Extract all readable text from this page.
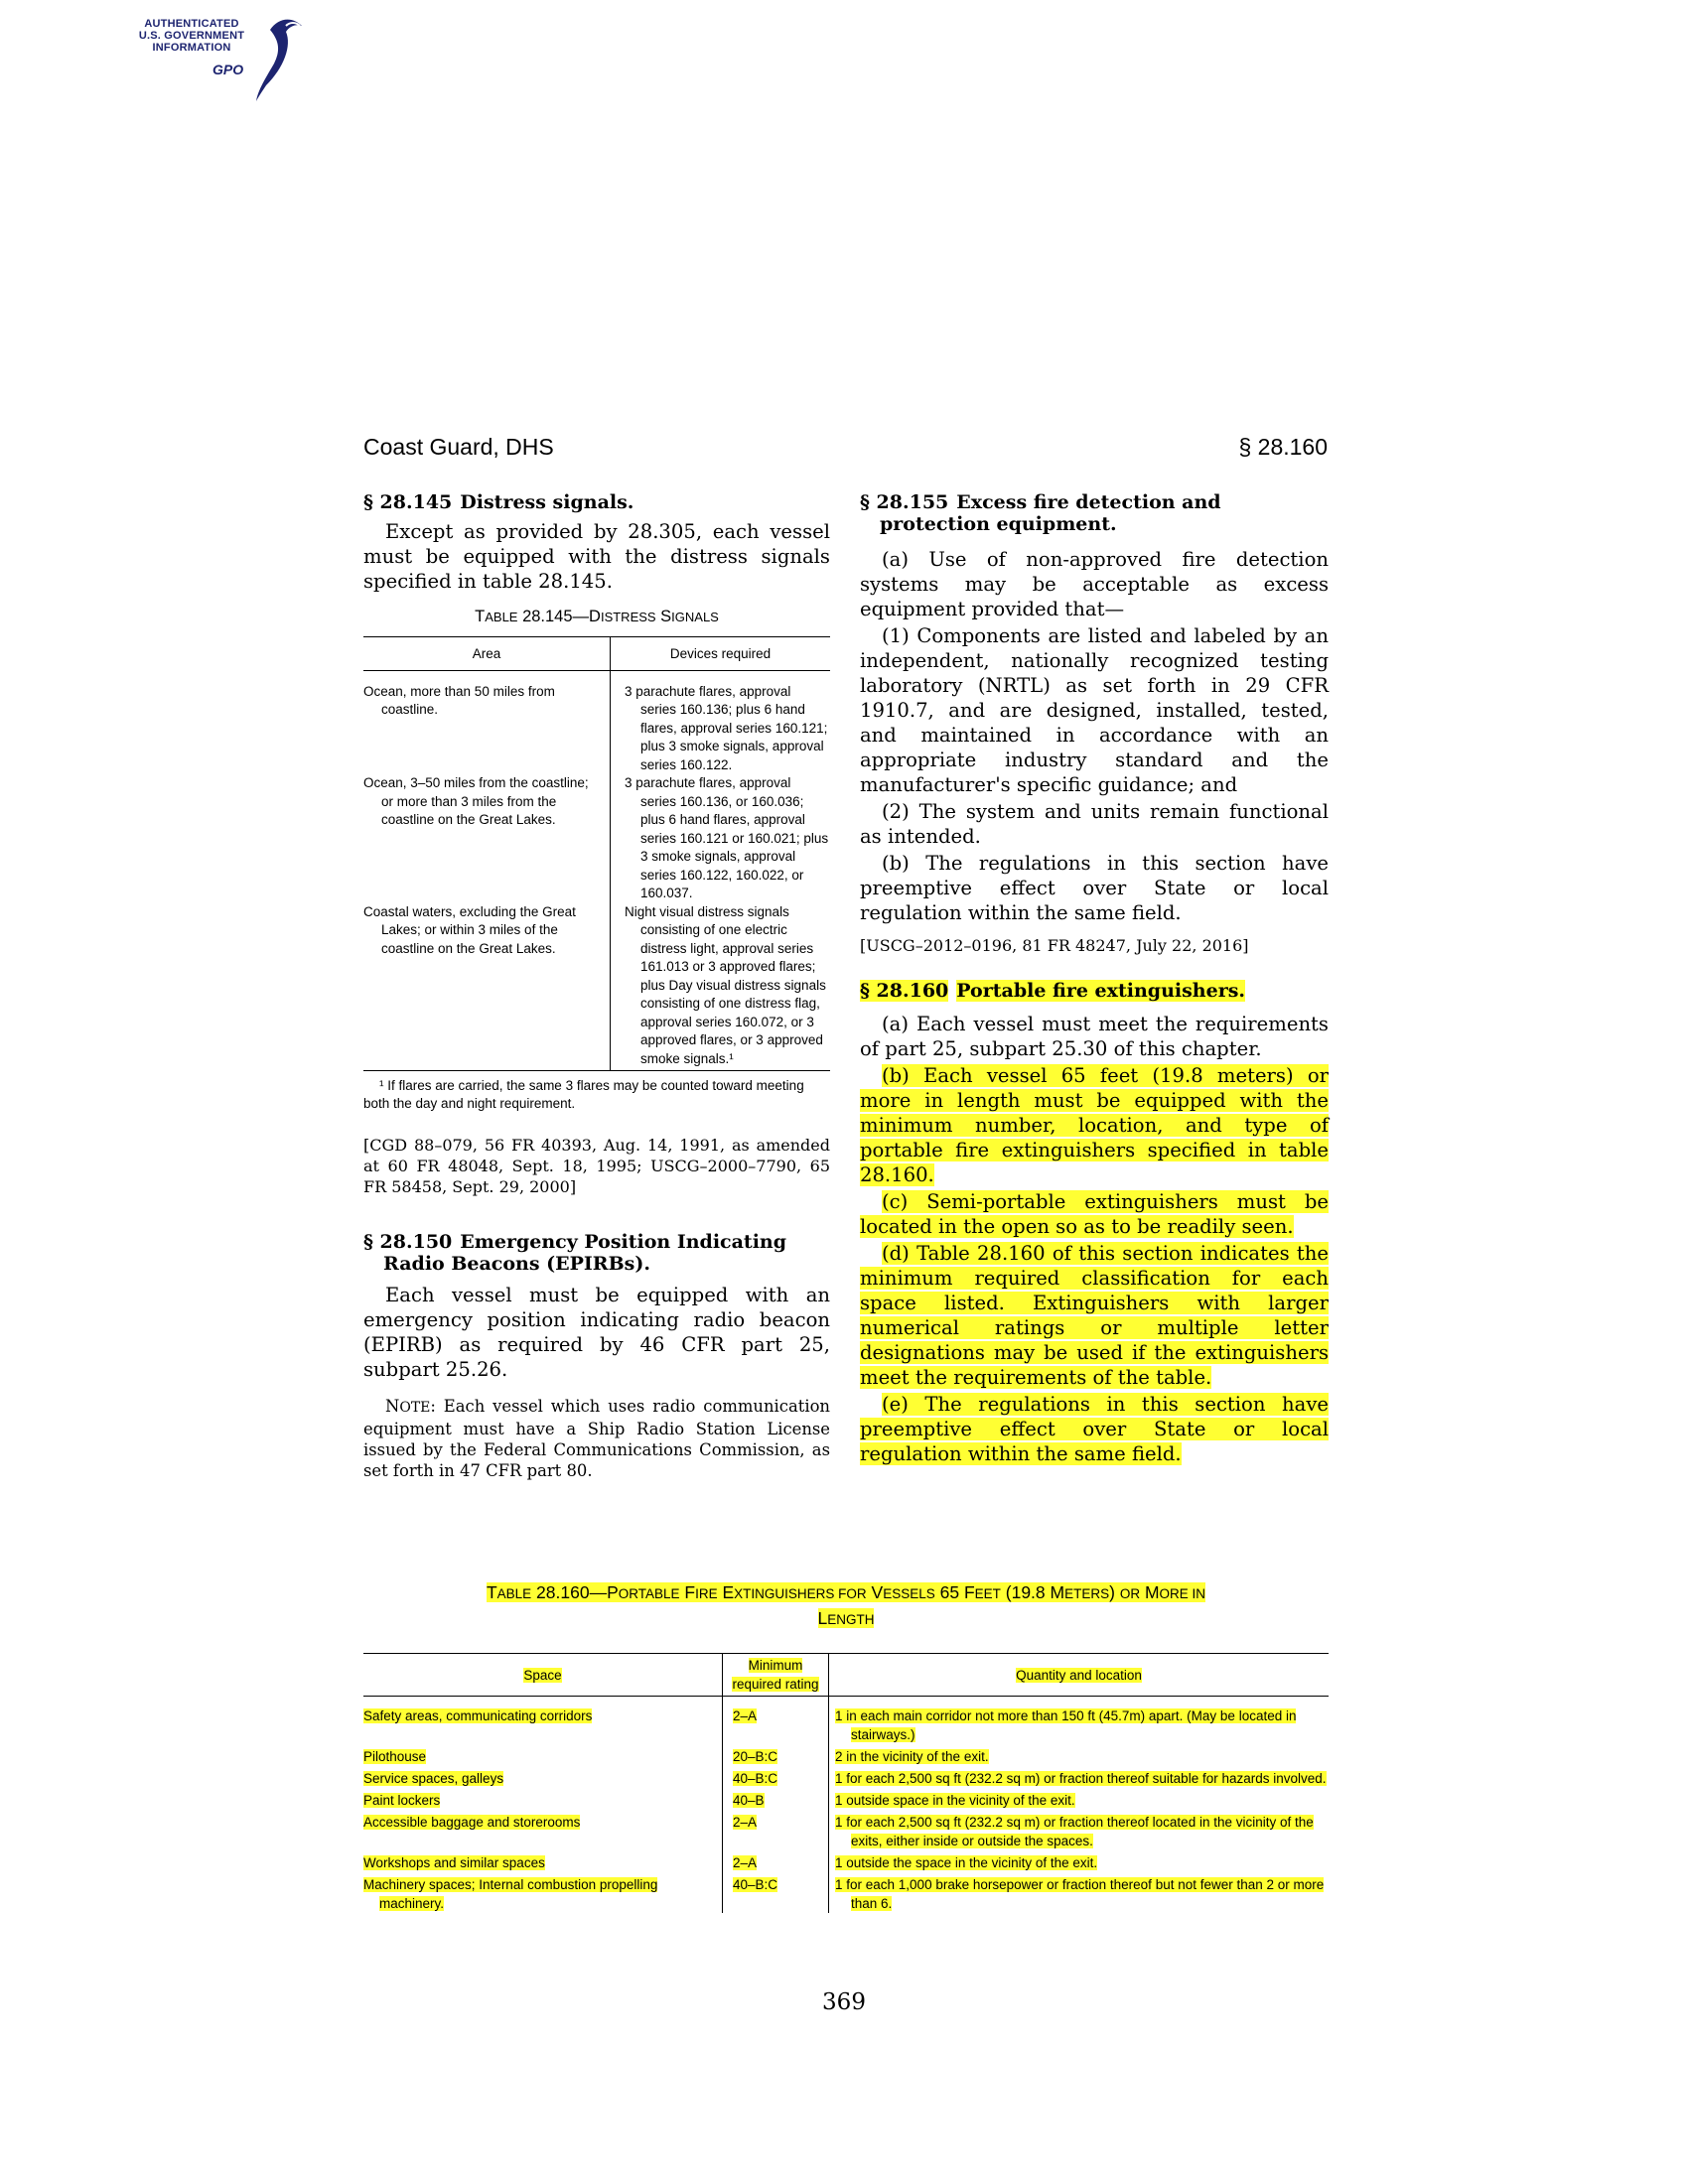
AUTHENTICATED
U.S. GOVERNMENT
INFORMATION
GPO
Coast Guard, DHS	§ 28.160
§ 28.145 Distress signals.

Except as provided by 28.305, each vessel must be equipped with the distress signals specified in table 28.145.

TABLE 28.145—DISTRESS SIGNALS
Area	Devices required
Ocean, more than 50 miles from coastline.	3 parachute flares, approval series 160.136; plus 6 hand flares, approval series 160.121; plus 3 smoke signals, approval series 160.122.
Ocean, 3–50 miles from the coastline; or more than 3 miles from the coastline on the Great Lakes.	3 parachute flares, approval series 160.136, or 160.036; plus 6 hand flares, approval series 160.121 or 160.021; plus 3 smoke signals, approval series 160.122, 160.022, or 160.037.
Coastal waters, excluding the Great Lakes; or within 3 miles of the coastline on the Great Lakes.	Night visual distress signals consisting of one electric distress light, approval series 161.013 or 3 approved flares; plus Day visual distress signals consisting of one distress flag, approval series 160.072, or 3 approved flares, or 3 approved smoke signals.¹

¹ If flares are carried, the same 3 flares may be counted toward meeting both the day and night requirement.

[CGD 88–079, 56 FR 40393, Aug. 14, 1991, as amended at 60 FR 48048, Sept. 18, 1995; USCG–2000–7790, 65 FR 58458, Sept. 29, 2000]

§ 28.150 Emergency Position Indicating Radio Beacons (EPIRBs).

Each vessel must be equipped with an emergency position indicating radio beacon (EPIRB) as required by 46 CFR part 25, subpart 25.26.

NOTE: Each vessel which uses radio communication equipment must have a Ship Radio Station License issued by the Federal Communications Commission, as set forth in 47 CFR part 80.

§ 28.155 Excess fire detection and protection equipment.

(a) Use of non-approved fire detection systems may be acceptable as excess equipment provided that—

(1) Components are listed and labeled by an independent, nationally recognized testing laboratory (NRTL) as set forth in 29 CFR 1910.7, and are designed, installed, tested, and maintained in accordance with an appropriate industry standard and the manufacturer's specific guidance; and

(2) The system and units remain functional as intended.

(b) The regulations in this section have preemptive effect over State or local regulation within the same field.

[USCG–2012–0196, 81 FR 48247, July 22, 2016]

§ 28.160 Portable fire extinguishers.

(a) Each vessel must meet the requirements of part 25, subpart 25.30 of this chapter.

(b) Each vessel 65 feet (19.8 meters) or more in length must be equipped with the minimum number, location, and type of portable fire extinguishers specified in table 28.160.

(c) Semi-portable extinguishers must be located in the open so as to be readily seen.

(d) Table 28.160 of this section indicates the minimum required classification for each space listed. Extinguishers with larger numerical ratings or multiple letter designations may be used if the extinguishers meet the requirements of the table.

(e) The regulations in this section have preemptive effect over State or local regulation within the same field.

TABLE 28.160—PORTABLE FIRE EXTINGUISHERS FOR VESSELS 65 FEET (19.8 METERS) OR MORE IN
LENGTH
Space	Minimum required rating	Quantity and location
Safety areas, communicating corridors	2–A	1 in each main corridor not more than 150 ft (45.7m) apart. (May be located in stairways.)

Pilothouse	20–B:C	2 in the vicinity of the exit.

Service spaces, galleys	40–B:C	1 for each 2,500 sq ft (232.2 sq m) or fraction thereof suitable for hazards involved.

Paint lockers	40–B	1 outside space in the vicinity of the exit.

Accessible baggage and storerooms	2–A	1 for each 2,500 sq ft (232.2 sq m) or fraction thereof located in the vicinity of the exits, either inside or outside the spaces.

Workshops and similar spaces	2–A	1 outside the space in the vicinity of the exit.

Machinery spaces; Internal combustion propelling machinery.	40–B:C	1 for each 1,000 brake horsepower or fraction thereof but not fewer than 2 or more than 6.
369
